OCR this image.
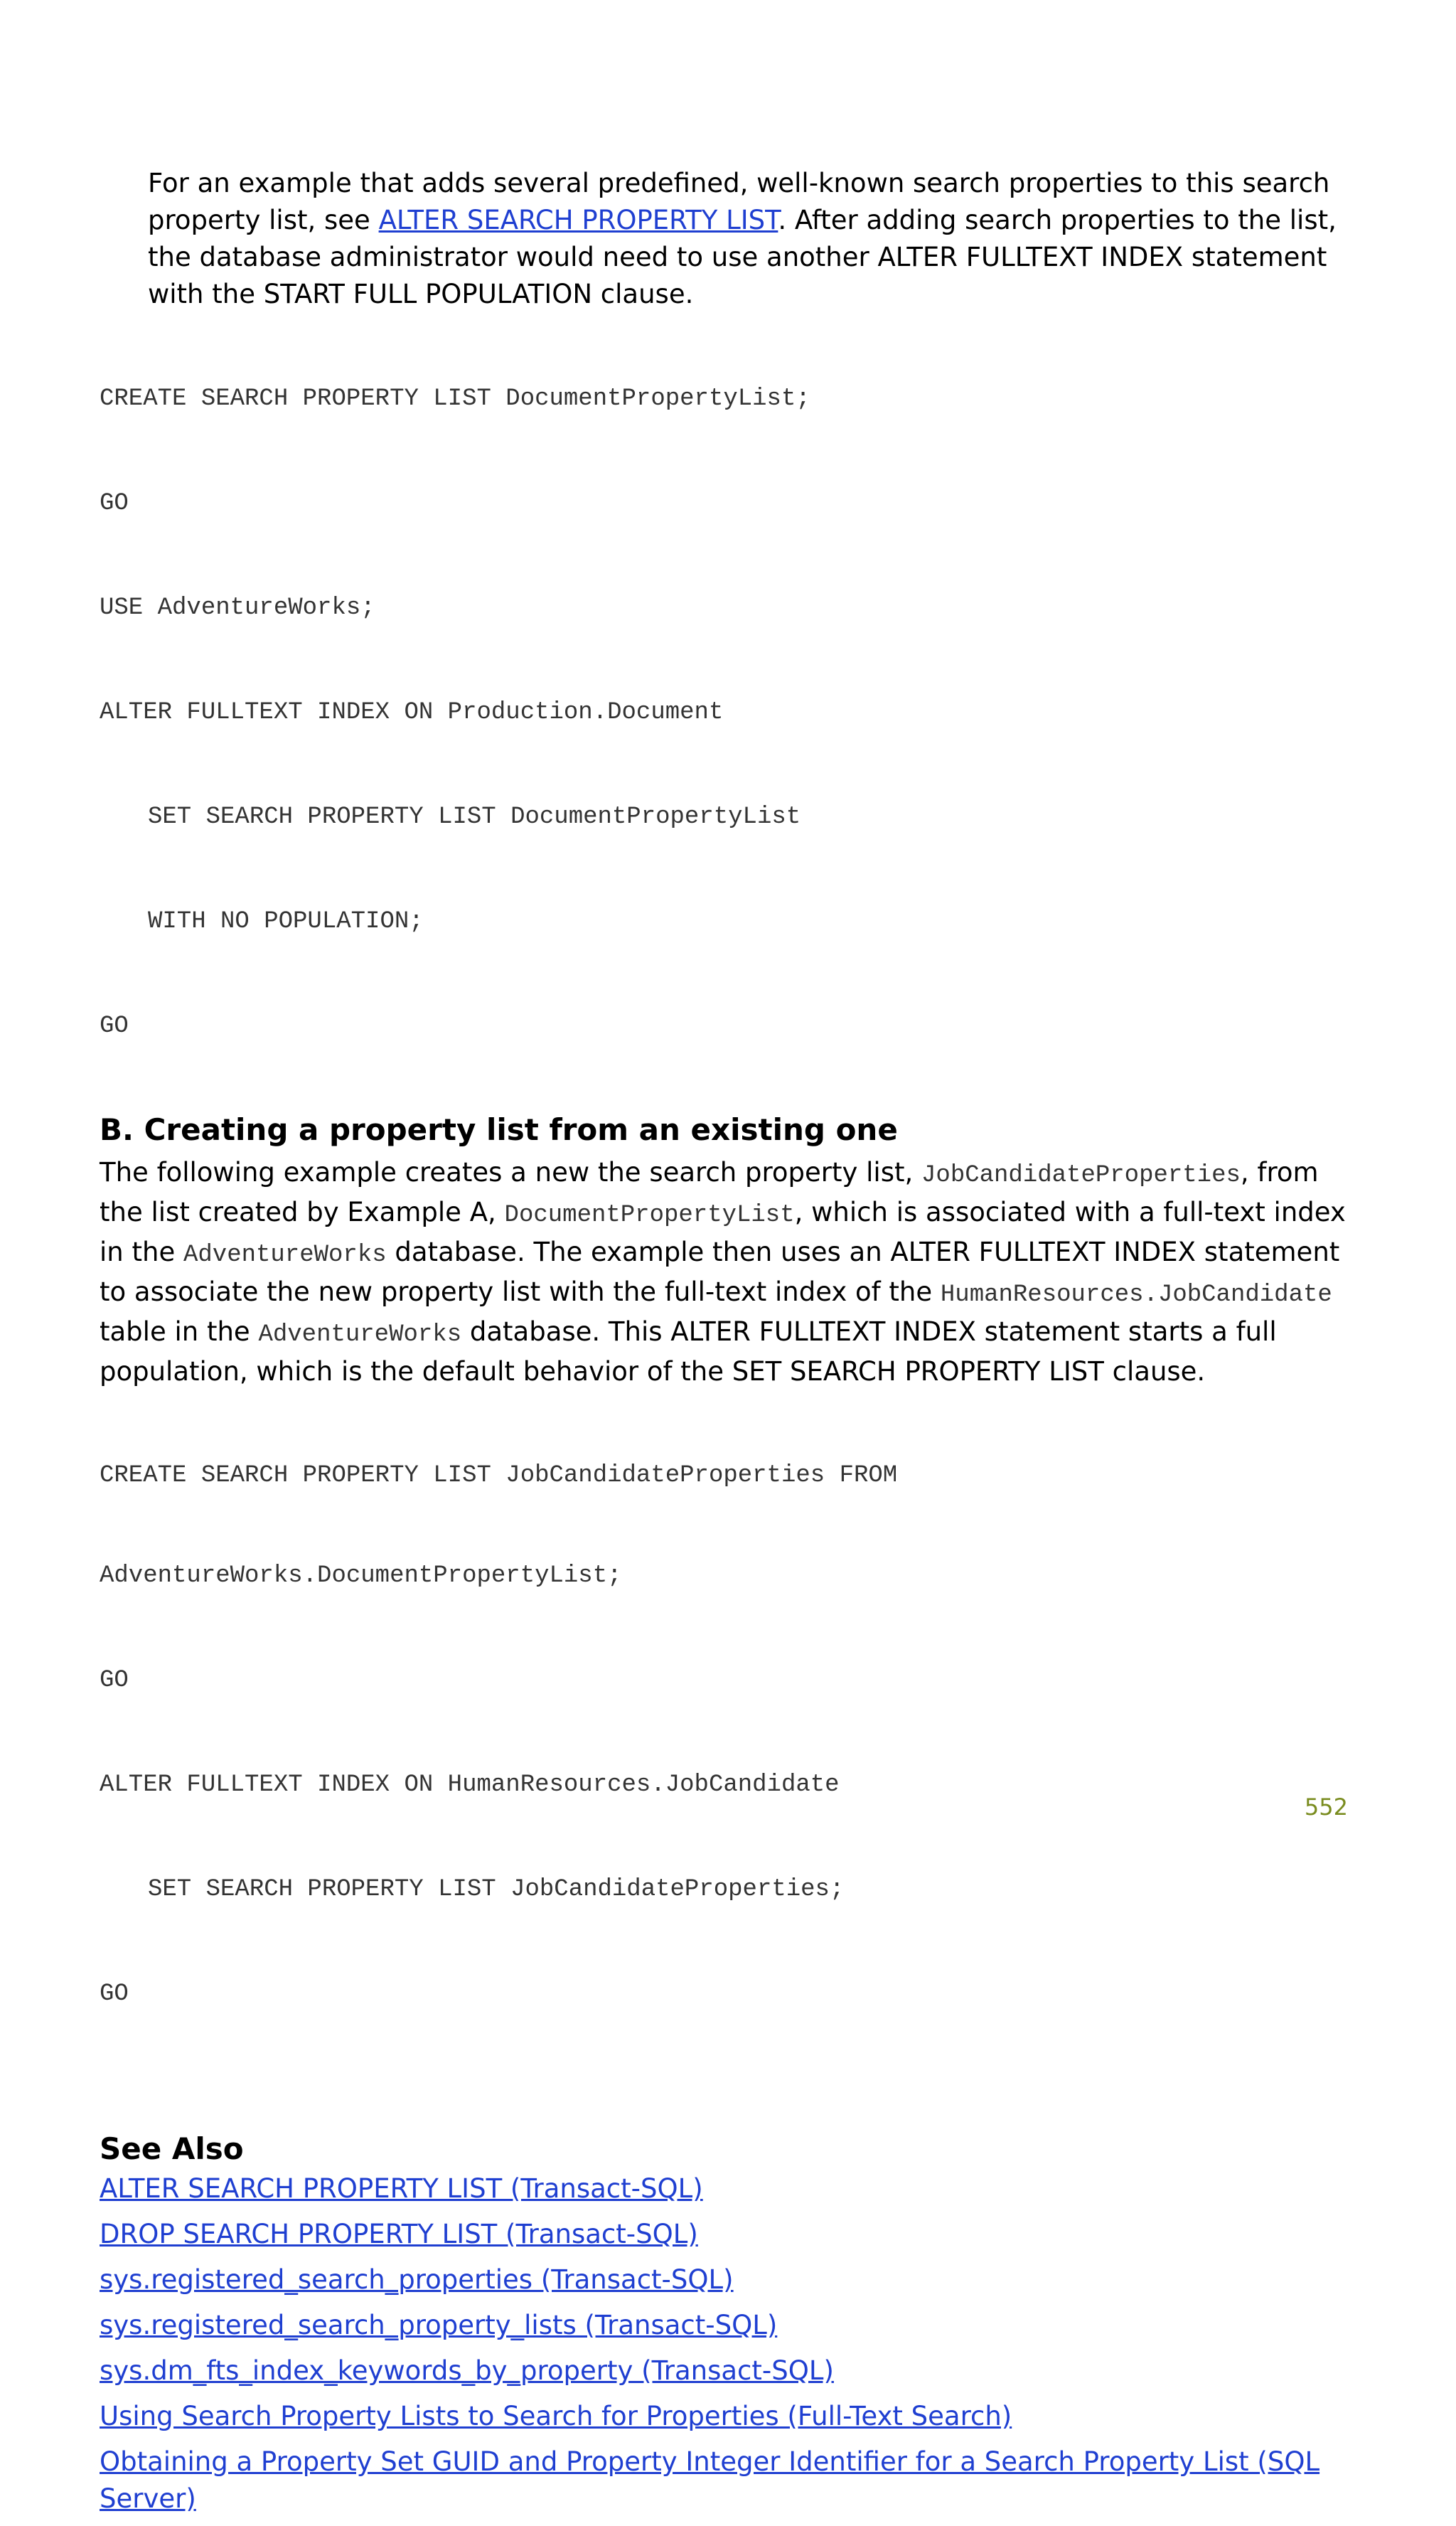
For an example that adds several predefined, well-known search properties to this search property list, see ALTER SEARCH PROPERTY LIST. After adding search properties to the list, the database administrator would need to use another ALTER FULLTEXT INDEX statement with the START FULL POPULATION clause.

CREATE SEARCH PROPERTY LIST DocumentPropertyList;

GO

USE AdventureWorks;

ALTER FULLTEXT INDEX ON Production.Document

SET SEARCH PROPERTY LIST DocumentPropertyList

WITH NO POPULATION;

GO

B. Creating a property list from an existing one

The following example creates a new the search property list, JobCandidateProperties, from the list created by Example A, DocumentPropertyList, which is associated with a full-text index in the AdventureWorks database. The example then uses an ALTER FULLTEXT INDEX statement to associate the new property list with the full-text index of the HumanResources.JobCandidate table in the AdventureWorks database. This ALTER FULLTEXT INDEX statement starts a full population, which is the default behavior of the SET SEARCH PROPERTY LIST clause.

CREATE SEARCH PROPERTY LIST JobCandidateProperties FROM

AdventureWorks.DocumentPropertyList;

GO

ALTER FULLTEXT INDEX ON HumanResources.JobCandidate

SET SEARCH PROPERTY LIST JobCandidateProperties;

GO

See Also
ALTER SEARCH PROPERTY LIST (Transact-SQL)
DROP SEARCH PROPERTY LIST (Transact-SQL)
sys.registered_search_properties (Transact-SQL)
sys.registered_search_property_lists (Transact-SQL)
sys.dm_fts_index_keywords_by_property (Transact-SQL)
Using Search Property Lists to Search for Properties (Full-Text Search)
Obtaining a Property Set GUID and Property Integer Identifier for a Search Property List (SQL Server)
552
